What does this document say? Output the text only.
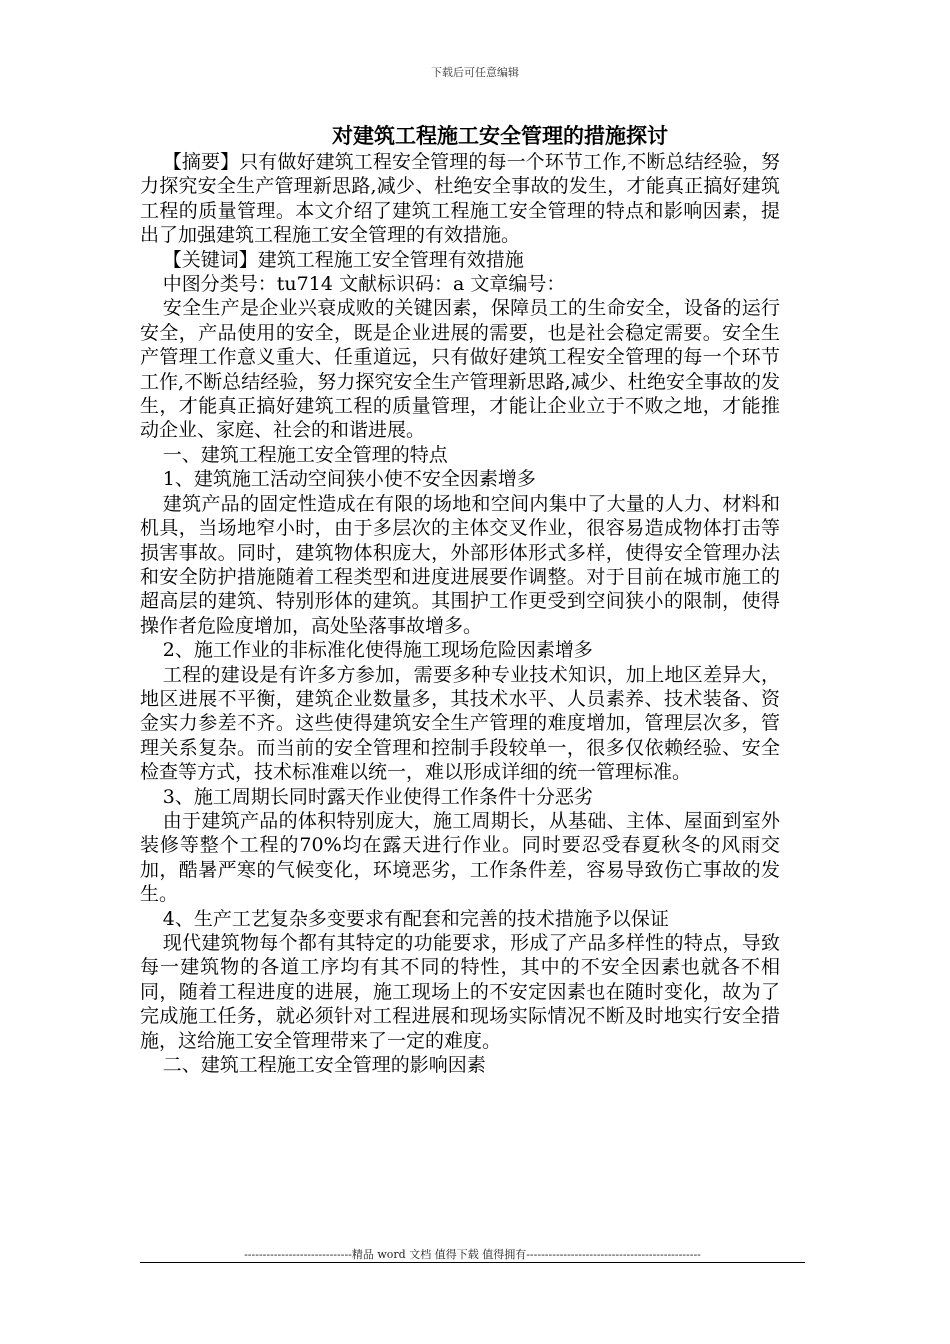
下载后可任意编辑
对建筑工程施工安全管理的措施探讨

【摘要】只有做好建筑工程安全管理的每一个环节工作,不断总结经验，努力探究安全生产管理新思路,减少、杜绝安全事故的发生，才能真正搞好建筑工程的质量管理。本文介绍了建筑工程施工安全管理的特点和影响因素，提出了加强建筑工程施工安全管理的有效措施。

【关键词】建筑工程施工安全管理有效措施

中图分类号：tu714 文献标识码：a 文章编号：

安全生产是企业兴衰成败的关键因素，保障员工的生命安全，设备的运行安全，产品使用的安全，既是企业进展的需要，也是社会稳定需要。安全生产管理工作意义重大、任重道远，只有做好建筑工程安全管理的每一个环节工作,不断总结经验，努力探究安全生产管理新思路,减少、杜绝安全事故的发生，才能真正搞好建筑工程的质量管理，才能让企业立于不败之地，才能推动企业、家庭、社会的和谐进展。

一、建筑工程施工安全管理的特点

1、建筑施工活动空间狭小使不安全因素增多

建筑产品的固定性造成在有限的场地和空间内集中了大量的人力、材料和机具，当场地窄小时，由于多层次的主体交叉作业，很容易造成物体打击等损害事故。同时，建筑物体积庞大，外部形体形式多样，使得安全管理办法和安全防护措施随着工程类型和进度进展要作调整。对于目前在城市施工的超高层的建筑、特别形体的建筑。其围护工作更受到空间狭小的限制，使得操作者危险度增加，高处坠落事故增多。

2、施工作业的非标准化使得施工现场危险因素增多

工程的建设是有许多方参加，需要多种专业技术知识，加上地区差异大，地区进展不平衡，建筑企业数量多，其技术水平、人员素养、技术装备、资金实力参差不齐。这些使得建筑安全生产管理的难度增加，管理层次多，管理关系复杂。而当前的安全管理和控制手段较单一，很多仅依赖经验、安全检查等方式，技术标准难以统一，难以形成详细的统一管理标准。

3、施工周期长同时露天作业使得工作条件十分恶劣

由于建筑产品的体积特别庞大，施工周期长，从基础、主体、屋面到室外装修等整个工程的70%均在露天进行作业。同时要忍受春夏秋冬的风雨交加，酷暑严寒的气候变化，环境恶劣，工作条件差，容易导致伤亡事故的发生。

4、生产工艺复杂多变要求有配套和完善的技术措施予以保证

现代建筑物每个都有其特定的功能要求，形成了产品多样性的特点，导致每一建筑物的各道工序均有其不同的特性，其中的不安全因素也就各不相同，随着工程进度的进展，施工现场上的不安定因素也在随时变化，故为了完成施工任务，就必须针对工程进展和现场实际情况不断及时地实行安全措施，这给施工安全管理带来了一定的难度。

二、建筑工程施工安全管理的影响因素

-----------------------------精品 word 文档 值得下载 值得拥有-----------------------------------------------
